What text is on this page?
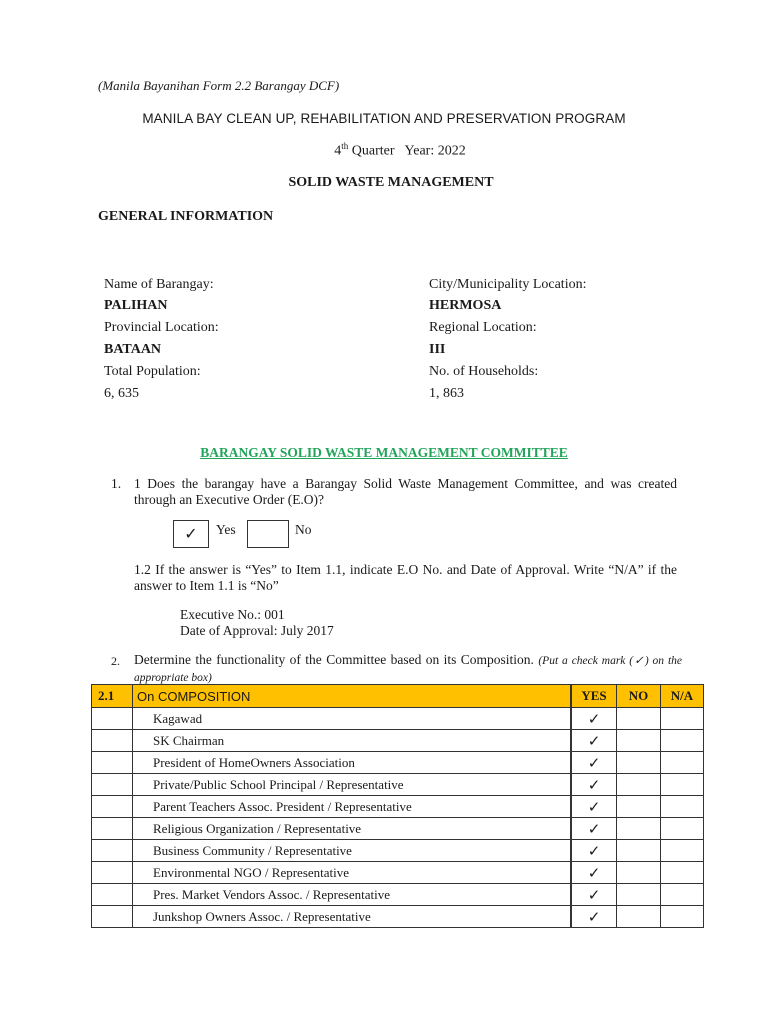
(Manila Bayanihan Form 2.2 Barangay DCF)
MANILA BAY CLEAN UP, REHABILITATION AND PRESERVATION PROGRAM
4th Quarter   Year: 2022
SOLID WASTE MANAGEMENT
GENERAL INFORMATION
Name of Barangay:
PALIHAN
City/Municipality Location:
HERMOSA
Provincial Location:
BATAAN
Regional Location:
III
Total Population:
6, 635
No. of Households:
1, 863
BARANGAY SOLID WASTE MANAGEMENT COMMITTEE
1. 1 Does the barangay have a Barangay Solid Waste Management Committee, and was created through an Executive Order (E.O)?
✓	Yes	No
1.2 If the answer is “Yes” to Item 1.1, indicate E.O No. and Date of Approval. Write “N/A” if the answer to Item 1.1 is “No”
Executive No.: 001
Date of Approval: July 2017
2. Determine the functionality of the Committee based on its Composition. (Put a check mark (✓) on the appropriate box)
2.1	On COMPOSITION	YES	NO	N/A
	Kagawad	✓		
	SK Chairman	✓		
	President of HomeOwners Association	✓		
	Private/Public School Principal / Representative	✓		
	Parent Teachers Assoc. President / Representative	✓		
	Religious Organization / Representative	✓		
	Business Community / Representative	✓		
	Environmental NGO / Representative	✓		
	Pres. Market Vendors Assoc. / Representative	✓		
	Junkshop Owners Assoc. / Representative	✓		
